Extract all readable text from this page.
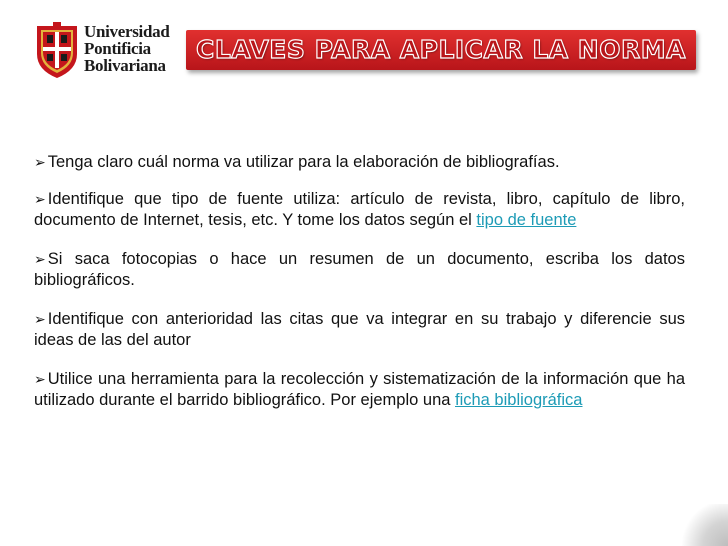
Universidad
Pontificia
Bolivariana
CLAVES PARA APLICAR LA NORMA

➢ Tenga claro cuál norma va utilizar para la elaboración de bibliografías.

➢ Identifique que tipo de fuente utiliza: artículo de revista, libro, capítulo de libro, documento de Internet, tesis, etc. Y tome los datos según el tipo de fuente

➢ Si saca fotocopias o hace un resumen de un documento, escriba los datos bibliográficos.

➢ Identifique con anterioridad las citas que va integrar en su trabajo y diferencie sus ideas de las del autor

➢ Utilice una herramienta para la recolección y sistematización de la información que ha utilizado durante el barrido bibliográfico. Por ejemplo una ficha bibliográfica
